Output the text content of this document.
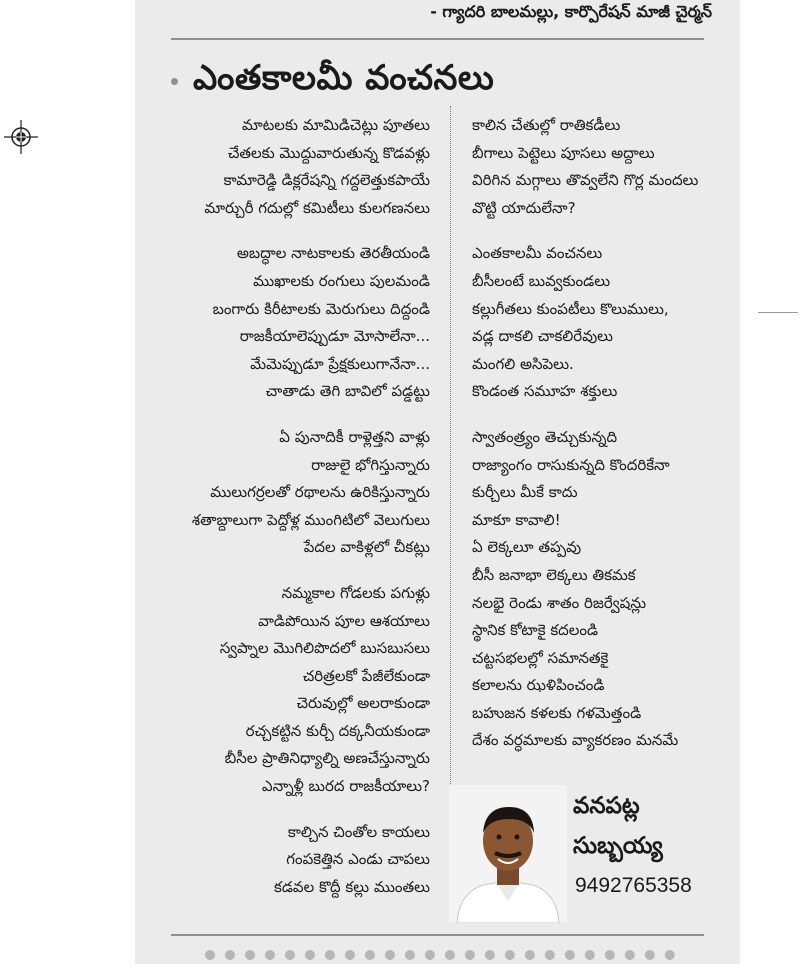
- గ్యాదరి బాలమల్లు, కార్పొరేషన్ మాజీ చైర్మన్
ఎంతకాలమీ వంచనలు
మాటలకు మామిడిచెట్లు పూతలు
చేతలకు మొద్దువారుతున్న కొడవళ్లు
కామారెడ్డి డిక్లరేషన్ని గద్దలెత్తుకపాయే
మార్చురీ గదుల్లో కమిటీలు కులగణనలు
అబద్ధాల నాటకాలకు తెరతీయండి
ముఖాలకు రంగులు పులమండి
బంగారు కిరీటాలకు మెరుగులు దిద్దండి
రాజకీయాలెప్పుడూ మోసాలేనా...
మేమెప్పుడూ ప్రేక్షకులుగానేనా...
చాతాడు తెగి బావిలో పడ్డట్టు
ఏ పునాదికీ రాళ్లెత్తని వాళ్లు
రాజులై భోగిస్తున్నారు
ములుగర్రలతో రథాలను ఉరికిస్తున్నారు
శతాబ్దాలుగా పెద్దోళ్ల ముంగిటిలో వెలుగులు
పేదల వాకిళ్లలో చీకట్లు
నమ్మకాల గోడలకు పగుళ్లు
వాడిపోయిన పూల ఆశయాలు
స్వప్నాల మొగిలిపొదలో బుసబుసలు
చరిత్రలకో పేజీలేకుండా
చెరువుల్లో అలరాకుండా
రచ్చకట్టిన కుర్చీ దక్కనీయకుండా
బీసీల ప్రాతినిధ్యాల్ని అణచేస్తున్నారు
ఎన్నాళ్లీ బురద రాజకీయాలు?
కాల్చిన చింతోల కాయలు
గంపకెత్తిన ఎండు చాపలు
కడవల కొద్దీ కల్లు ముంతలు
కాలిన చేతుల్లో రాతికడీలు
బీగాలు పెట్టెలు పూసలు అద్దాలు
విరిగిన మగ్గాలు తొవ్వలేని గొర్ల మందలు
వొట్టి యాదులేనా?
ఎంతకాలమీ వంచనలు
బీసీలంటే బువ్వకుండలు
కల్లుగీతలు కుంపటీలు కొలుములు,
వడ్ల దాకలి చాకలిరేవులు
మంగలి అసిపెలు.
కొండంత సమూహ శక్తులు
స్వాతంత్ర్యం తెచ్చుకున్నది
రాజ్యాంగం రాసుకున్నది కొందరికేనా
కుర్చీలు మీకే కాదు
మాకూ కావాలి!
ఏ లెక్కలూ తప్పవు
బీసీ జనాభా లెక్కలు తికమక
నలభై రెండు శాతం రిజర్వేషన్లు
స్థానిక కోటాకై కదలండి
చట్టసభలల్లో సమానతకై
కలాలను ఝళిపించండి
బహుజన కళలకు గళమెత్తండి
దేశం వర్ధమాలకు వ్యాకరణం మనమే
వనపట్ల
సుబ్బయ్య
9492765358
